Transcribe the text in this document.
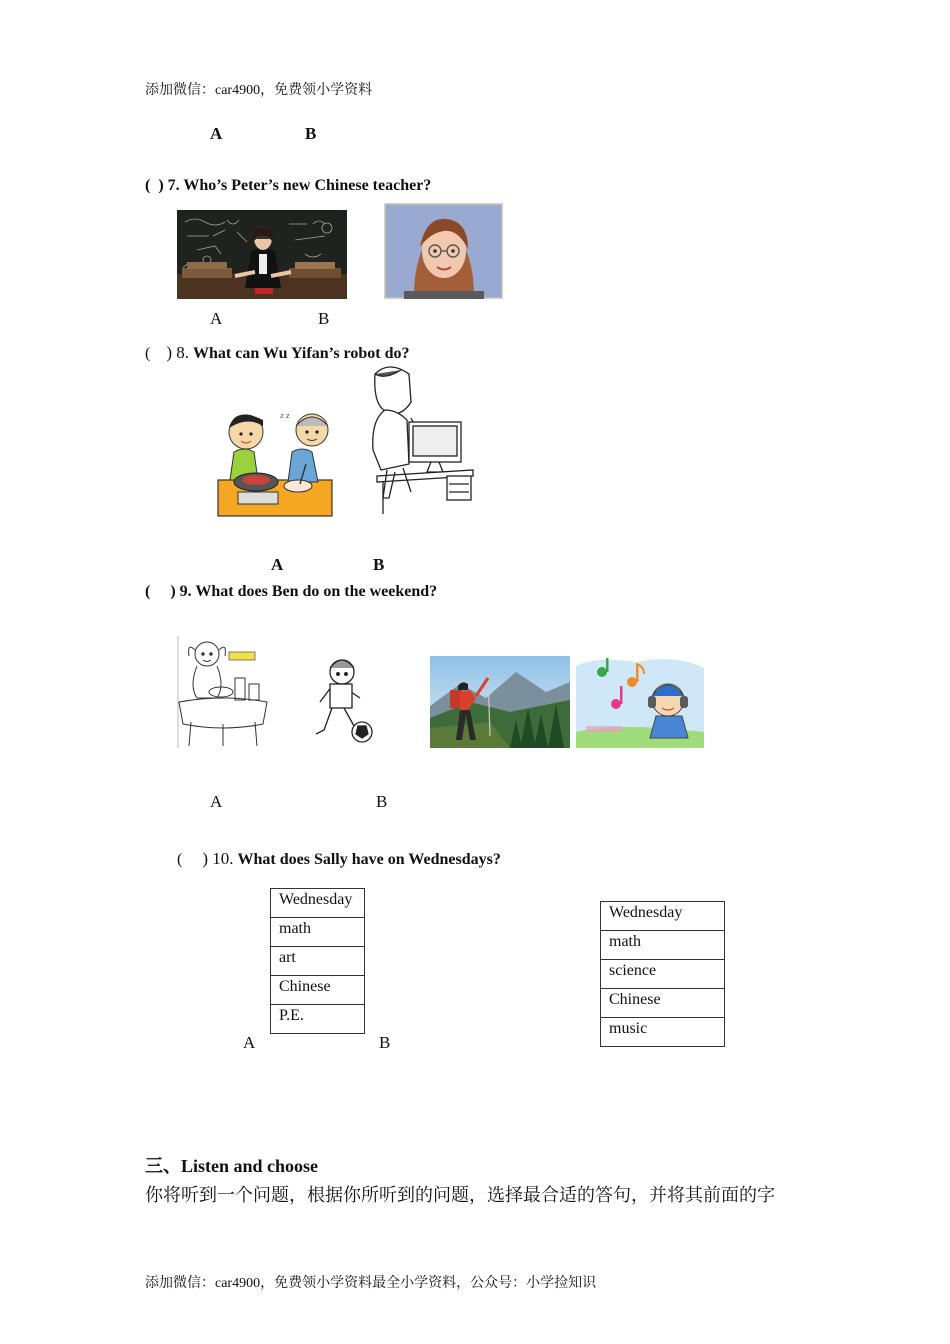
添加微信：car4900，免费领小学资料
A	B
( ) 7. Who’s Peter’s new Chinese teacher?
A	B
( ) 8. What can Wu Yifan’s robot do?
z z
A	B
( ) 9. What does Ben do on the weekend?
A	B
( ) 10. What does Sally have on Wednesdays?
Wednesday
math
art
Chinese
P.E.
Wednesday
math
science
Chinese
music
A	B
三、Listen and choose
你将听到一个问题，根据你所听到的问题，选择最合适的答句，并将其前面的字
添加微信：car4900，免费领小学资料最全小学资料，公众号：小学捡知识
